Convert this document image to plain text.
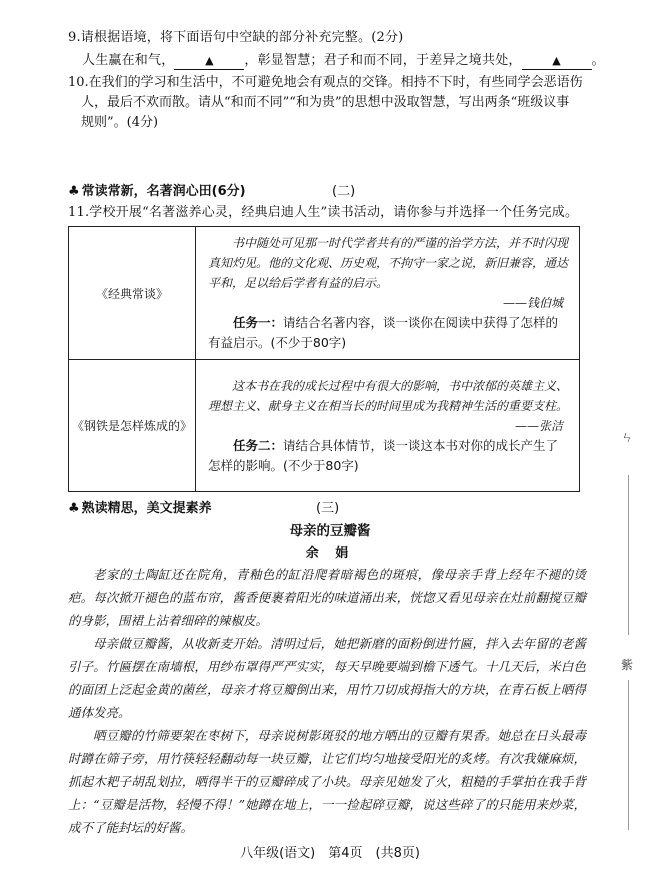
9.请根据语境，将下面语句中空缺的部分补充完整。(2分)
人生赢在和气，	▲ ，彰显智慧；君子和而不同，于差异之境共处，	▲ 。
10.在我们的学习和生活中，不可避免地会有观点的交锋。相持不下时，有些同学会恶语伤
人，最后不欢而散。请从“和而不同”“和为贵”的思想中汲取智慧，写出两条“班级议事
规则”。(4分)
♣ 常读常新，名著润心田(6分)	(二)
11.学校开展“名著滋养心灵，经典启迪人生”读书活动，请你参与并选择一个任务完成。
《经典常谈》	书中随处可见那一时代学者共有的严谨的治学方法，并不时闪现真知灼见。他的文化观、历史观，不拘守一家之说，新旧兼容，通达平和，足以给后学者有益的启示。
——钱伯城
任务一：请结合名著内容，谈一谈你在阅读中获得了怎样的有益启示。(不少于80字)

《钢铁是怎样炼成的》	这本书在我的成长过程中有很大的影响，书中浓郁的英雄主义、理想主义、献身主义在相当长的时间里成为我精神生活的重要支柱。
——张洁
任务二：请结合具体情节，谈一谈这本书对你的成长产生了怎样的影响。(不少于80字)
♣ 熟读精思，美文提素养	(三)
母亲的豆瓣酱
余 娟
老家的土陶缸还在院角，青釉色的缸沿爬着暗褐色的斑痕，像母亲手背上经年不褪的烫疤。每次掀开褪色的蓝布帘，酱香便裹着阳光的味道涌出来，恍惚又看见母亲在灶前翻搅豆瓣的身影，围裙上沾着细碎的辣椒皮。
母亲做豆瓣酱，从收新麦开始。清明过后，她把新磨的面粉倒进竹匾，拌入去年留的老酱引子。竹匾摆在南墙根，用纱布罩得严严实实，每天早晚要端到檐下透气。十几天后，米白色的面团上泛起金黄的菌丝，母亲才将豆瓣倒出来，用竹刀切成拇指大的方块，在青石板上晒得通体发亮。
晒豆瓣的竹筛要架在枣树下，母亲说树影斑驳的地方晒出的豆瓣有果香。她总在日头最毒时蹲在筛子旁，用竹筷轻轻翻动每一块豆瓣，让它们均匀地接受阳光的炙烤。有次我嫌麻烦，抓起木耙子胡乱划拉，晒得半干的豆瓣碎成了小块。母亲见她发了火，粗糙的手掌拍在我手背上：“豆瓣是活物，轻慢不得！”她蹲在地上，一一捡起碎豆瓣，说这些碎了的只能用来炒菜，成不了能封坛的好酱。
八年级(语文)　第4页　(共8页)
ㄣ
紫
